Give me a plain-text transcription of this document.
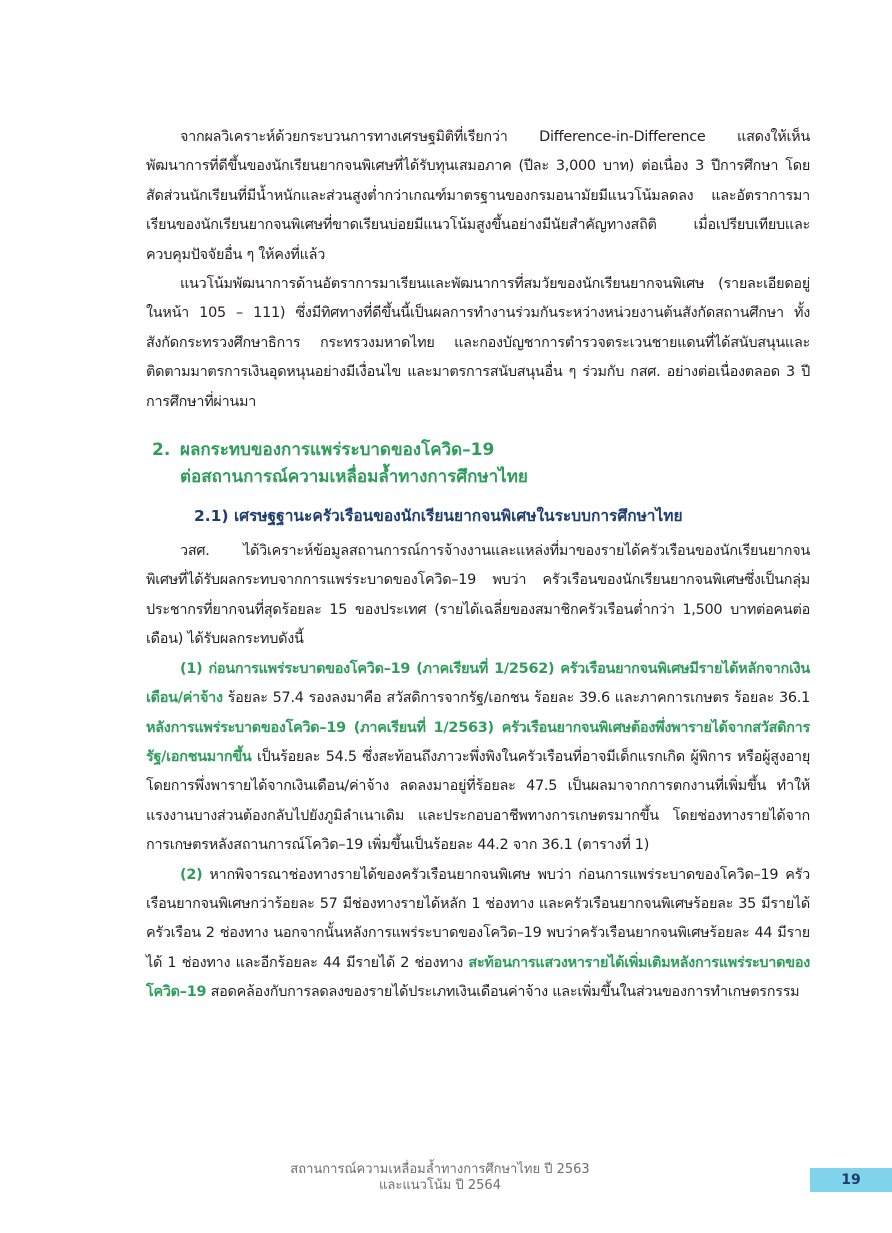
จากผลวิเคราะห์ด้วยกระบวนการทางเศรษฐมิติที่เรียกว่า Difference-in-Difference แสดงให้เห็นพัฒนาการที่ดีขึ้นของนักเรียนยากจนพิเศษที่ได้รับทุนเสมอภาค (ปีละ 3,000 บาท) ต่อเนื่อง 3 ปีการศึกษา โดยสัดส่วนนักเรียนที่มีน้ำหนักและส่วนสูงต่ำกว่าเกณฑ์มาตรฐานของกรมอนามัยมีแนวโน้มลดลง และอัตราการมาเรียนของนักเรียนยากจนพิเศษที่ขาดเรียนบ่อยมีแนวโน้มสูงขึ้นอย่างมีนัยสำคัญทางสถิติ เมื่อเปรียบเทียบและควบคุมปัจจัยอื่น ๆ ให้คงที่แล้ว

แนวโน้มพัฒนาการด้านอัตราการมาเรียนและพัฒนาการที่สมวัยของนักเรียนยากจนพิเศษ (รายละเอียดอยู่ในหน้า 105 – 111) ซึ่งมีทิศทางที่ดีขึ้นนี้เป็นผลการทำงานร่วมกันระหว่างหน่วยงานต้นสังกัดสถานศึกษา ทั้งสังกัดกระทรวงศึกษาธิการ กระทรวงมหาดไทย และกองบัญชาการตำรวจตระเวนชายแดนที่ได้สนับสนุนและติดตามมาตรการเงินอุดหนุนอย่างมีเงื่อนไข และมาตรการสนับสนุนอื่น ๆ ร่วมกับ กสศ. อย่างต่อเนื่องตลอด 3 ปีการศึกษาที่ผ่านมา

2. ผลกระทบของการแพร่ระบาดของโควิด–19
ต่อสถานการณ์ความเหลื่อมล้ำทางการศึกษาไทย
2.1) เศรษฐฐานะครัวเรือนของนักเรียนยากจนพิเศษในระบบการศึกษาไทย

วสศ. ได้วิเคราะห์ข้อมูลสถานการณ์การจ้างงานและแหล่งที่มาของรายได้ครัวเรือนของนักเรียนยากจนพิเศษที่ได้รับผลกระทบจากการแพร่ระบาดของโควิด–19 พบว่า ครัวเรือนของนักเรียนยากจนพิเศษซึ่งเป็นกลุ่มประชากรที่ยากจนที่สุดร้อยละ 15 ของประเทศ (รายได้เฉลี่ยของสมาชิกครัวเรือนต่ำกว่า 1,500 บาทต่อคนต่อเดือน) ได้รับผลกระทบดังนี้

(1) ก่อนการแพร่ระบาดของโควิด–19 (ภาคเรียนที่ 1/2562) ครัวเรือนยากจนพิเศษมีรายได้หลักจากเงินเดือน/ค่าจ้าง ร้อยละ 57.4 รองลงมาคือ สวัสดิการจากรัฐ/เอกชน ร้อยละ 39.6 และภาคการเกษตร ร้อยละ 36.1 หลังการแพร่ระบาดของโควิด–19 (ภาคเรียนที่ 1/2563) ครัวเรือนยากจนพิเศษต้องพึ่งพารายได้จากสวัสดิการรัฐ/เอกชนมากขึ้น เป็นร้อยละ 54.5 ซึ่งสะท้อนถึงภาวะพึ่งพิงในครัวเรือนที่อาจมีเด็กแรกเกิด ผู้พิการ หรือผู้สูงอายุ โดยการพึ่งพารายได้จากเงินเดือน/ค่าจ้าง ลดลงมาอยู่ที่ร้อยละ 47.5 เป็นผลมาจากการตกงานที่เพิ่มขึ้น ทำให้แรงงานบางส่วนต้องกลับไปยังภูมิลำเนาเดิม และประกอบอาชีพทางการเกษตรมากขึ้น โดยช่องทางรายได้จากการเกษตรหลังสถานการณ์โควิด–19 เพิ่มขึ้นเป็นร้อยละ 44.2 จาก 36.1 (ตารางที่ 1)

(2) หากพิจารณาช่องทางรายได้ของครัวเรือนยากจนพิเศษ พบว่า ก่อนการแพร่ระบาดของโควิด–19 ครัวเรือนยากจนพิเศษกว่าร้อยละ 57 มีช่องทางรายได้หลัก 1 ช่องทาง และครัวเรือนยากจนพิเศษร้อยละ 35 มีรายได้ครัวเรือน 2 ช่องทาง นอกจากนั้นหลังการแพร่ระบาดของโควิด–19 พบว่าครัวเรือนยากจนพิเศษร้อยละ 44 มีรายได้ 1 ช่องทาง และอีกร้อยละ 44 มีรายได้ 2 ช่องทาง สะท้อนการแสวงหารายได้เพิ่มเติมหลังการแพร่ระบาดของโควิด–19 สอดคล้องกับการลดลงของรายได้ประเภทเงินเดือนค่าจ้าง และเพิ่มขึ้นในส่วนของการทำเกษตรกรรม

สถานการณ์ความเหลื่อมล้ำทางการศึกษาไทย ปี 2563
และแนวโน้ม ปี 2564	19
